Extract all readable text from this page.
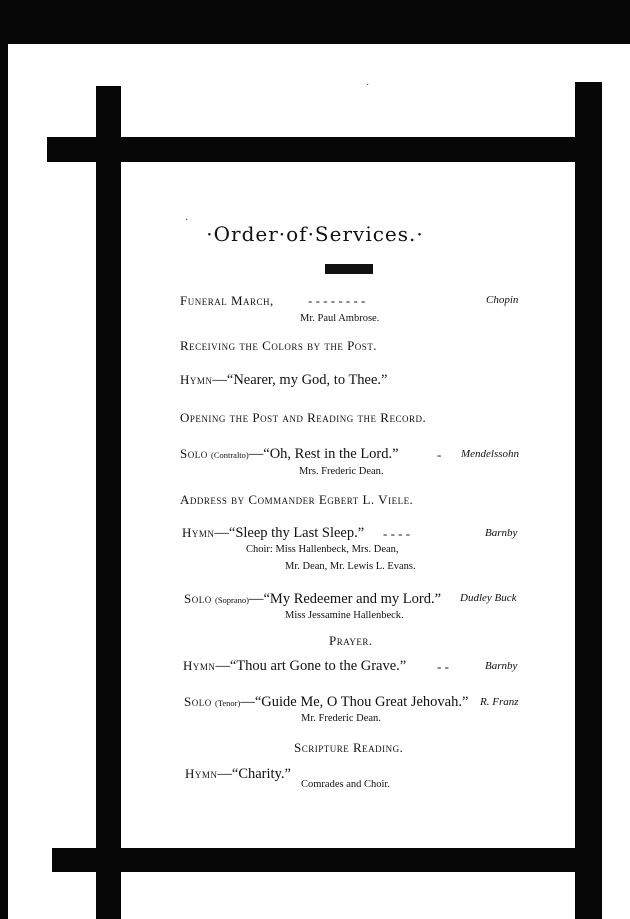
·Order·of·Services.·
Funeral March,	- - - - - - - -	Chopin
Mr. Paul Ambrose.
Receiving the Colors by the Post.
Hymn—“Nearer, my God, to Thee.”
Opening the Post and Reading the Record.
Solo (Contralto)—“Oh, Rest in the Lord.”	- Mendelssohn
Mrs. Frederic Dean.
Address by Commander Egbert L. Viele.
Hymn—“Sleep thy Last Sleep.” - - - -	Barnby
Choir: Miss Hallenbeck, Mrs. Dean,
Mr. Dean, Mr. Lewis L. Evans.
Solo (Soprano)—“My Redeemer and my Lord.” Dudley Buck
Miss Jessamine Hallenbeck.
Prayer.
Hymn—“Thou art Gone to the Grave.” - -	Barnby
Solo (Tenor)—“Guide Me, O Thou Great Jehovah.” R. Franz
Mr. Frederic Dean.
Scripture Reading.
Hymn—“Charity.”
Comrades and Choir.
·
·
